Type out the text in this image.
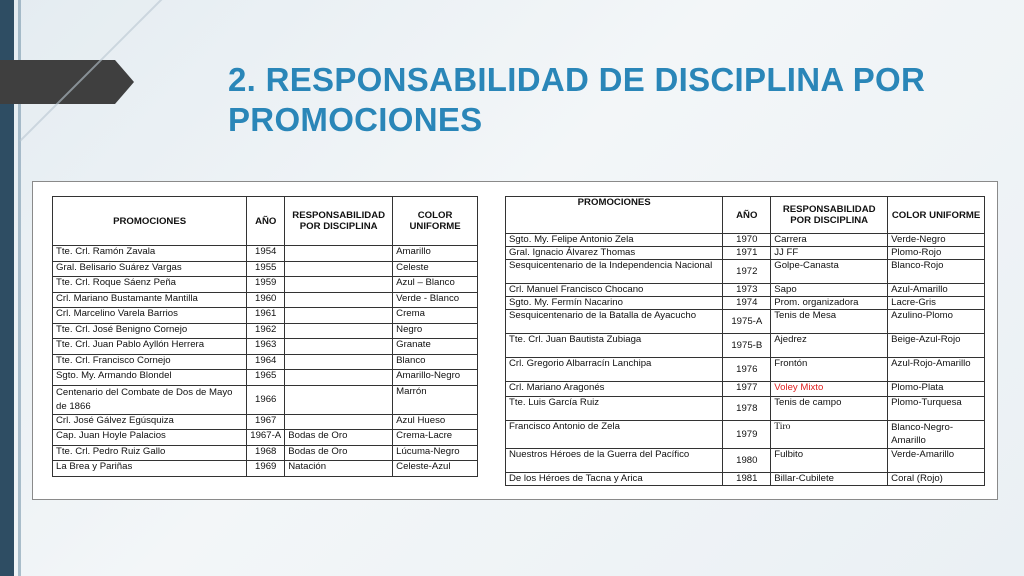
2. RESPONSABILIDAD DE DISCIPLINA POR PROMOCIONES
PROMOCIONES	AÑO	RESPONSABILIDAD POR DISCIPLINA	COLOR UNIFORME
Tte. Crl. Ramón Zavala	1954		Amarillo
Gral. Belisario Suárez Vargas	1955		Celeste
Tte. Crl. Roque Sáenz Peña	1959		Azul – Blanco
Crl. Mariano Bustamante Mantilla	1960		Verde - Blanco
Crl. Marcelino Varela Barrios	1961		Crema
Tte. Crl. José Benigno Cornejo	1962		Negro
Tte. Crl. Juan Pablo Ayllón Herrera	1963		Granate
Tte. Crl. Francisco Cornejo	1964		Blanco
Sgto. My. Armando Blondel	1965		Amarillo-Negro
Centenario del Combate de Dos de Mayo de 1866	1966		Marrón
Crl. José Gálvez Egúsquiza	1967		Azul Hueso
Cap. Juan Hoyle Palacios	1967-A	Bodas de Oro	Crema-Lacre
Tte. Crl. Pedro Ruiz Gallo	1968	Bodas de Oro	Lúcuma-Negro
La Brea y Pariñas	1969	Natación	Celeste-Azul
PROMOCIONES	AÑO	RESPONSABILIDAD POR DISCIPLINA	COLOR UNIFORME
Sgto. My. Felipe Antonio Zela	1970	Carrera	Verde-Negro
Gral. Ignacio Álvarez Thomas	1971	JJ FF	Plomo-Rojo
Sesquicentenario de la Independencia Nacional	1972	Golpe-Canasta	Blanco-Rojo
Crl. Manuel Francisco Chocano	1973	Sapo	Azul-Amarillo
Sgto. My. Fermín Nacarino	1974	Prom. organizadora	Lacre-Gris
Sesquicentenario de la Batalla de Ayacucho	1975-A	Tenis de Mesa	Azulino-Plomo
Tte. Crl. Juan Bautista Zubiaga	1975-B	Ajedrez	Beige-Azul-Rojo
Crl. Gregorio Albarracín Lanchipa	1976	Frontón	Azul-Rojo-Amarillo
Crl. Mariano Aragonés	1977	Voley Mixto	Plomo-Plata
Tte. Luis García Ruiz	1978	Tenis de campo	Plomo-Turquesa
Francisco Antonio de Zela	1979	Tiro	Blanco-Negro-Amarillo
Nuestros Héroes de la Guerra del Pacífico	1980	Fulbito	Verde-Amarillo
De los Héroes de Tacna y Arica	1981	Billar-Cubilete	Coral (Rojo)
